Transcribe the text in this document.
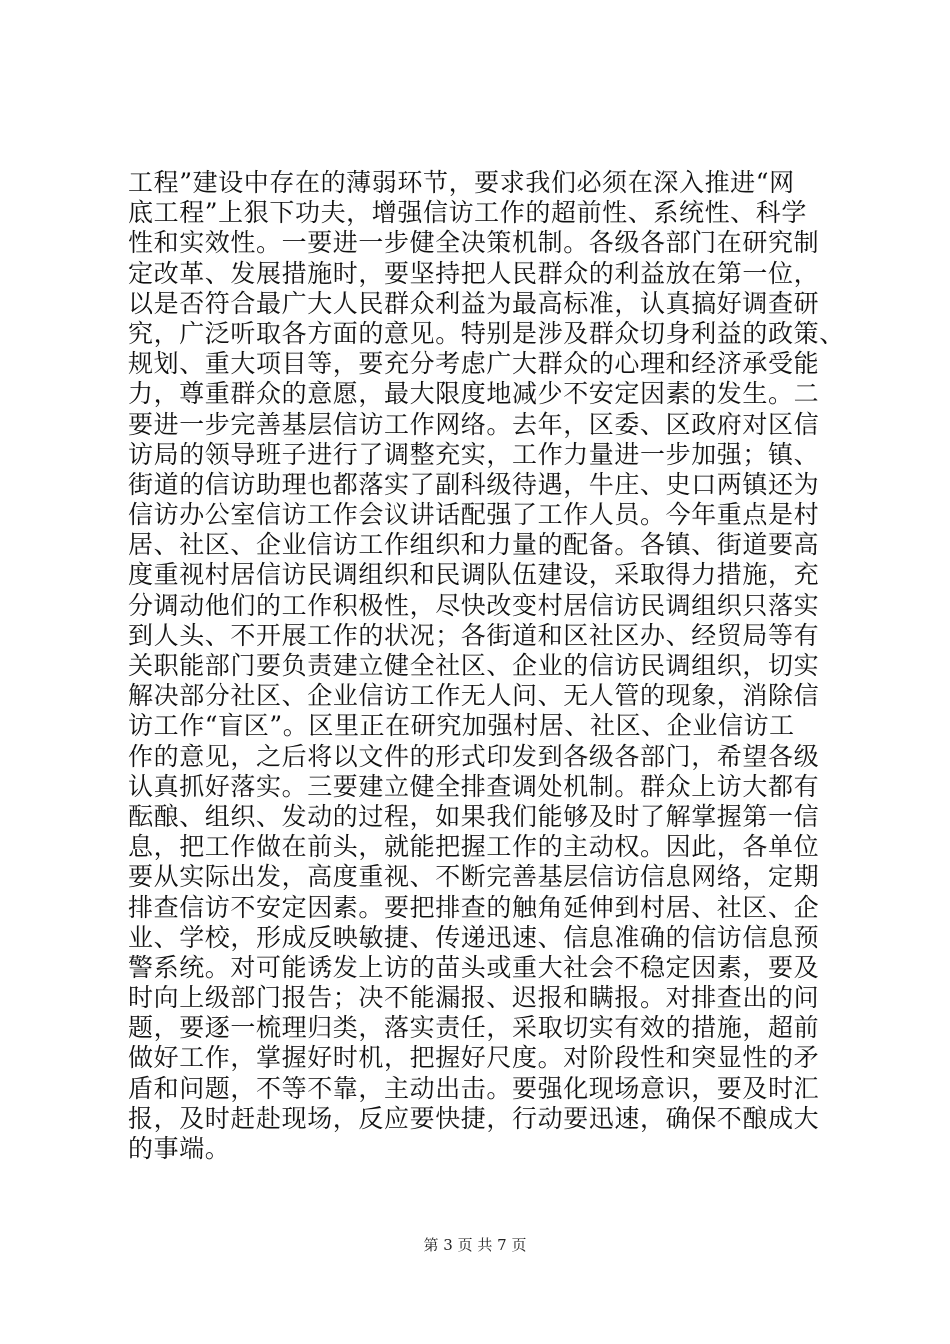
工程”建设中存在的薄弱环节，要求我们必须在深入推进“网
底工程”上狠下功夫，增强信访工作的超前性、系统性、科学
性和实效性。一要进一步健全决策机制。各级各部门在研究制
定改革、发展措施时，要坚持把人民群众的利益放在第一位，
以是否符合最广大人民群众利益为最高标准，认真搞好调查研
究，广泛听取各方面的意见。特别是涉及群众切身利益的政策、
规划、重大项目等，要充分考虑广大群众的心理和经济承受能
力，尊重群众的意愿，最大限度地减少不安定因素的发生。二
要进一步完善基层信访工作网络。去年，区委、区政府对区信
访局的领导班子进行了调整充实，工作力量进一步加强；镇、
街道的信访助理也都落实了副科级待遇，牛庄、史口两镇还为
信访办公室信访工作会议讲话配强了工作人员。今年重点是村
居、社区、企业信访工作组织和力量的配备。各镇、街道要高
度重视村居信访民调组织和民调队伍建设，采取得力措施，充
分调动他们的工作积极性，尽快改变村居信访民调组织只落实
到人头、不开展工作的状况；各街道和区社区办、经贸局等有
关职能部门要负责建立健全社区、企业的信访民调组织，切实
解决部分社区、企业信访工作无人问、无人管的现象，消除信
访工作“盲区”。区里正在研究加强村居、社区、企业信访工
作的意见，之后将以文件的形式印发到各级各部门，希望各级
认真抓好落实。三要建立健全排查调处机制。群众上访大都有
酝酿、组织、发动的过程，如果我们能够及时了解掌握第一信
息，把工作做在前头，就能把握工作的主动权。因此，各单位
要从实际出发，高度重视、不断完善基层信访信息网络，定期
排查信访不安定因素。要把排查的触角延伸到村居、社区、企
业、学校，形成反映敏捷、传递迅速、信息准确的信访信息预
警系统。对可能诱发上访的苗头或重大社会不稳定因素，要及
时向上级部门报告；决不能漏报、迟报和瞒报。对排查出的问
题，要逐一梳理归类，落实责任，采取切实有效的措施，超前
做好工作，掌握好时机，把握好尺度。对阶段性和突显性的矛
盾和问题，不等不靠，主动出击。要强化现场意识，要及时汇
报，及时赶赴现场，反应要快捷，行动要迅速，确保不酿成大
的事端。
第 3 页 共 7 页
